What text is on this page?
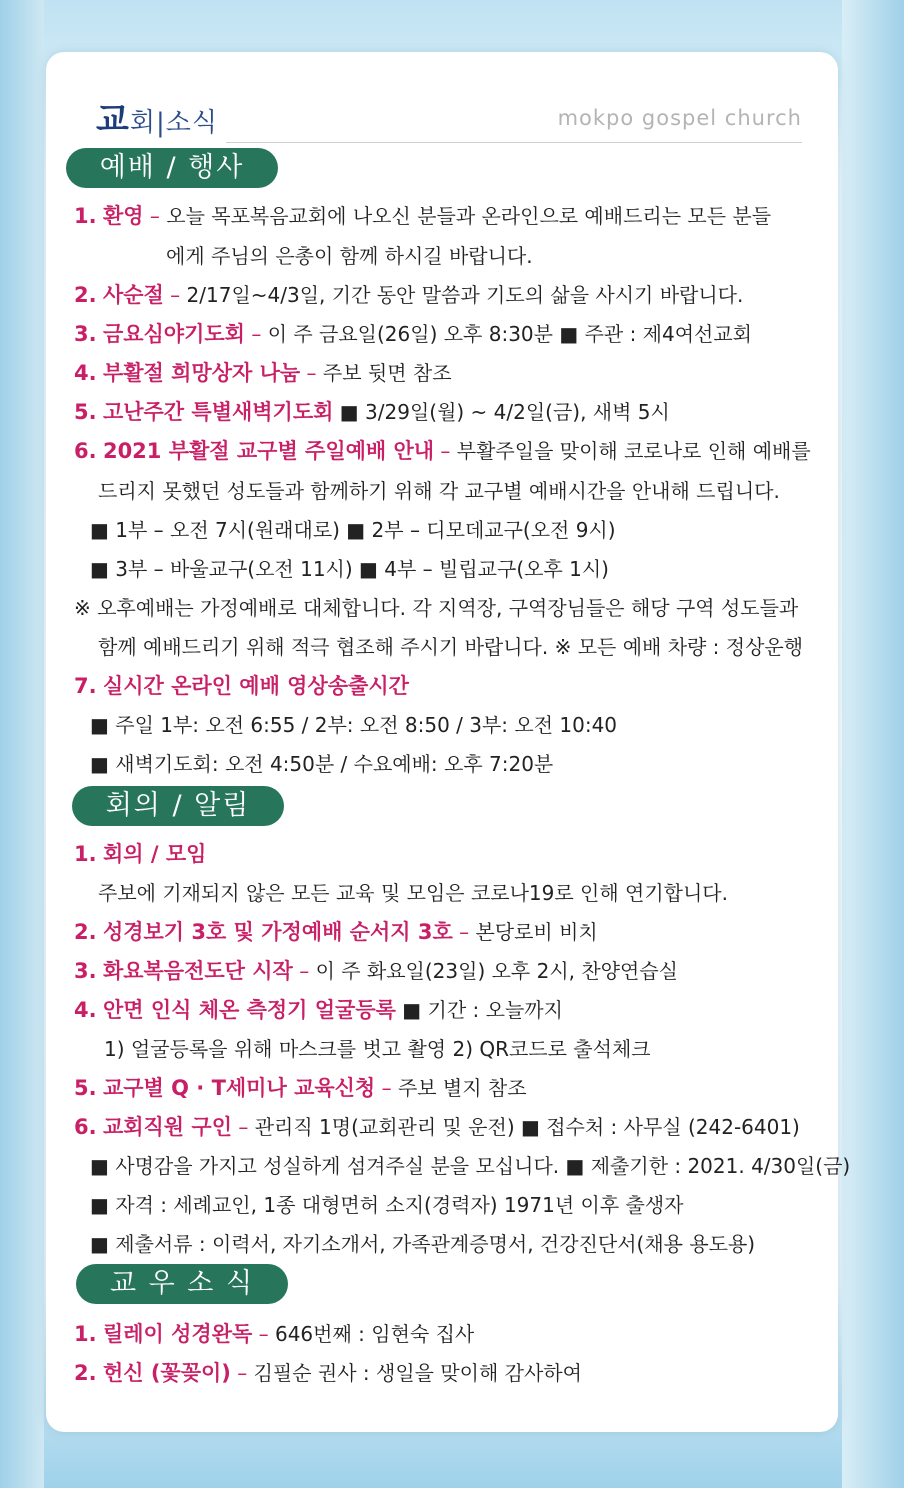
교회|소식	mokpo gospel church
예배 / 행사
1. 환영 – 오늘 목포복음교회에 나오신 분들과 온라인으로 예배드리는 모든 분들
에게 주님의 은총이 함께 하시길 바랍니다.
2. 사순절 – 2/17일~4/3일, 기간 동안 말씀과 기도의 삶을 사시기 바랍니다.
3. 금요심야기도회 – 이 주 금요일(26일) 오후 8:30분 ■ 주관 : 제4여선교회
4. 부활절 희망상자 나눔 – 주보 뒷면 참조
5. 고난주간 특별새벽기도회 ■ 3/29일(월) ~ 4/2일(금), 새벽 5시
6. 2021 부활절 교구별 주일예배 안내 – 부활주일을 맞이해 코로나로 인해 예배를
드리지 못했던 성도들과 함께하기 위해 각 교구별 예배시간을 안내해 드립니다.
■ 1부 – 오전 7시(원래대로) ■ 2부 – 디모데교구(오전 9시)
■ 3부 – 바울교구(오전 11시) ■ 4부 – 빌립교구(오후 1시)
※ 오후예배는 가정예배로 대체합니다. 각 지역장, 구역장님들은 해당 구역 성도들과
함께 예배드리기 위해 적극 협조해 주시기 바랍니다. ※ 모든 예배 차량 : 정상운행
7. 실시간 온라인 예배 영상송출시간
■ 주일 1부: 오전 6:55 / 2부: 오전 8:50 / 3부: 오전 10:40
■ 새벽기도회: 오전 4:50분 / 수요예배: 오후 7:20분
회의 / 알림
1. 회의 / 모임
주보에 기재되지 않은 모든 교육 및 모임은 코로나19로 인해 연기합니다.
2. 성경보기 3호 및 가정예배 순서지 3호 – 본당로비 비치
3. 화요복음전도단 시작 – 이 주 화요일(23일) 오후 2시, 찬양연습실
4. 안면 인식 체온 측정기 얼굴등록 ■ 기간 : 오늘까지
1) 얼굴등록을 위해 마스크를 벗고 촬영 2) QR코드로 출석체크
5. 교구별 Q · T세미나 교육신청 – 주보 별지 참조
6. 교회직원 구인 – 관리직 1명(교회관리 및 운전) ■ 접수처 : 사무실 (242-6401)
■ 사명감을 가지고 성실하게 섬겨주실 분을 모십니다. ■ 제출기한 : 2021. 4/30일(금)
■ 자격 : 세례교인, 1종 대형면허 소지(경력자) 1971년 이후 출생자
■ 제출서류 : 이력서, 자기소개서, 가족관계증명서, 건강진단서(채용 용도용)
교 우 소 식
1. 릴레이 성경완독 – 646번째 : 임현숙 집사
2. 헌신 (꽃꽂이) – 김필순 권사 : 생일을 맞이해 감사하여
